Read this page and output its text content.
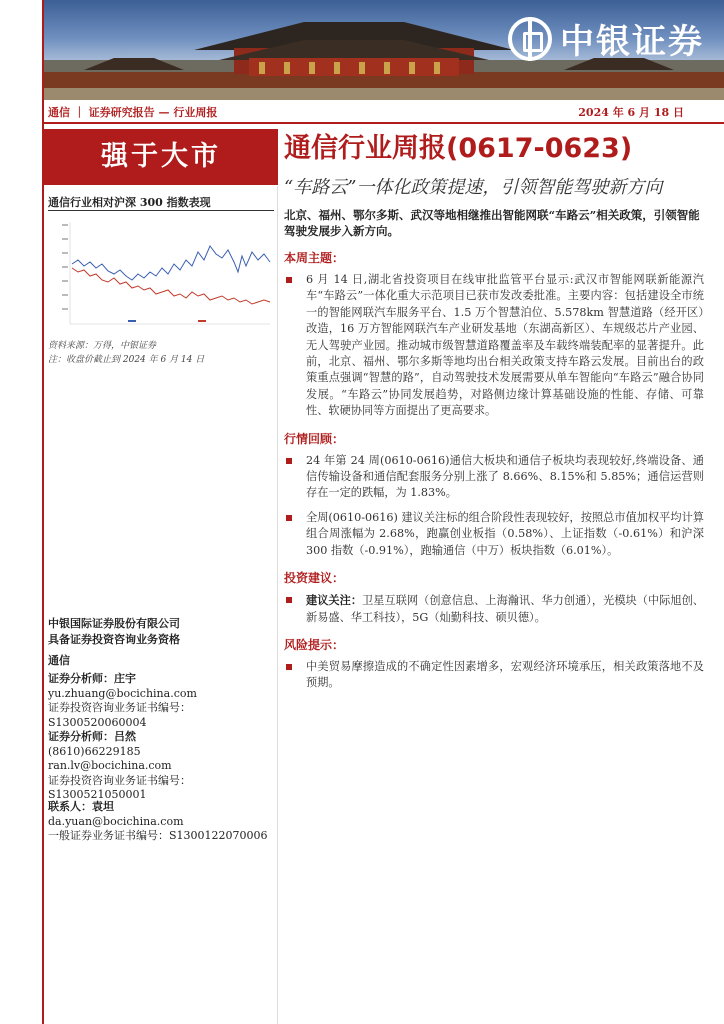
中银证券
通信 ｜ 证券研究报告 — 行业周报	2024 年 6 月 18 日
强于大市
通信行业相对沪深 300 指数表现
资料来源：万得，中银证券
注：收盘价截止到 2024 年 6 月 14 日
中银国际证券股份有限公司
具备证券投资咨询业务资格
通信
证券分析师：庄宇
yu.zhuang@bocichina.com
证券投资咨询业务证书编号：S1300520060004
证券分析师：吕然
(8610)66229185
ran.lv@bocichina.com
证券投资咨询业务证书编号：S1300521050001
联系人：袁坦
da.yuan@bocichina.com
一般证券业务证书编号：S1300122070006
通信行业周报(0617-0623)
“车路云”一体化政策提速，引领智能驾驶新方向
北京、福州、鄂尔多斯、武汉等地相继推出智能网联“车路云”相关政策，引领智能驾驶发展步入新方向。
本周主题：
6 月 14 日,湖北省投资项目在线审批监管平台显示:武汉市智能网联新能源汽车“车路云”一体化重大示范项目已获市发改委批准。主要内容：包括建设全市统一的智能网联汽车服务平台、1.5 万个智慧泊位、5.578km 智慧道路（经开区）改造，16 万方智能网联汽车产业研发基地（东湖高新区）、车规级芯片产业园、无人驾驶产业园。推动城市级智慧道路覆盖率及车载终端装配率的显著提升。此前，北京、福州、鄂尔多斯等地均出台相关政策支持车路云发展。目前出台的政策重点强调“智慧的路”，自动驾驶技术发展需要从单车智能向“车路云”融合协同发展。“车路云”协同发展趋势，对路侧边缘计算基础设施的性能、存储、可靠性、软硬协同等方面提出了更高要求。
行情回顾：
24 年第 24 周(0610-0616)通信大板块和通信子板块均表现较好,终端设备、通信传输设备和通信配套服务分别上涨了 8.66%、8.15%和 5.85%；通信运营则存在一定的跌幅，为 1.83%。
全周(0610-0616) 建议关注标的组合阶段性表现较好，按照总市值加权平均计算组合周涨幅为 2.68%，跑赢创业板指（0.58%）、上证指数（-0.61%）和沪深 300 指数（-0.91%），跑输通信（中万）板块指数（6.01%）。
投资建议：
建议关注：卫星互联网（创意信息、上海瀚讯、华力创通），光模块（中际旭创、新易盛、华工科技），5G（灿勤科技、硕贝德）。
风险提示：
中美贸易摩擦造成的不确定性因素增多，宏观经济环境承压，相关政策落地不及预期。
